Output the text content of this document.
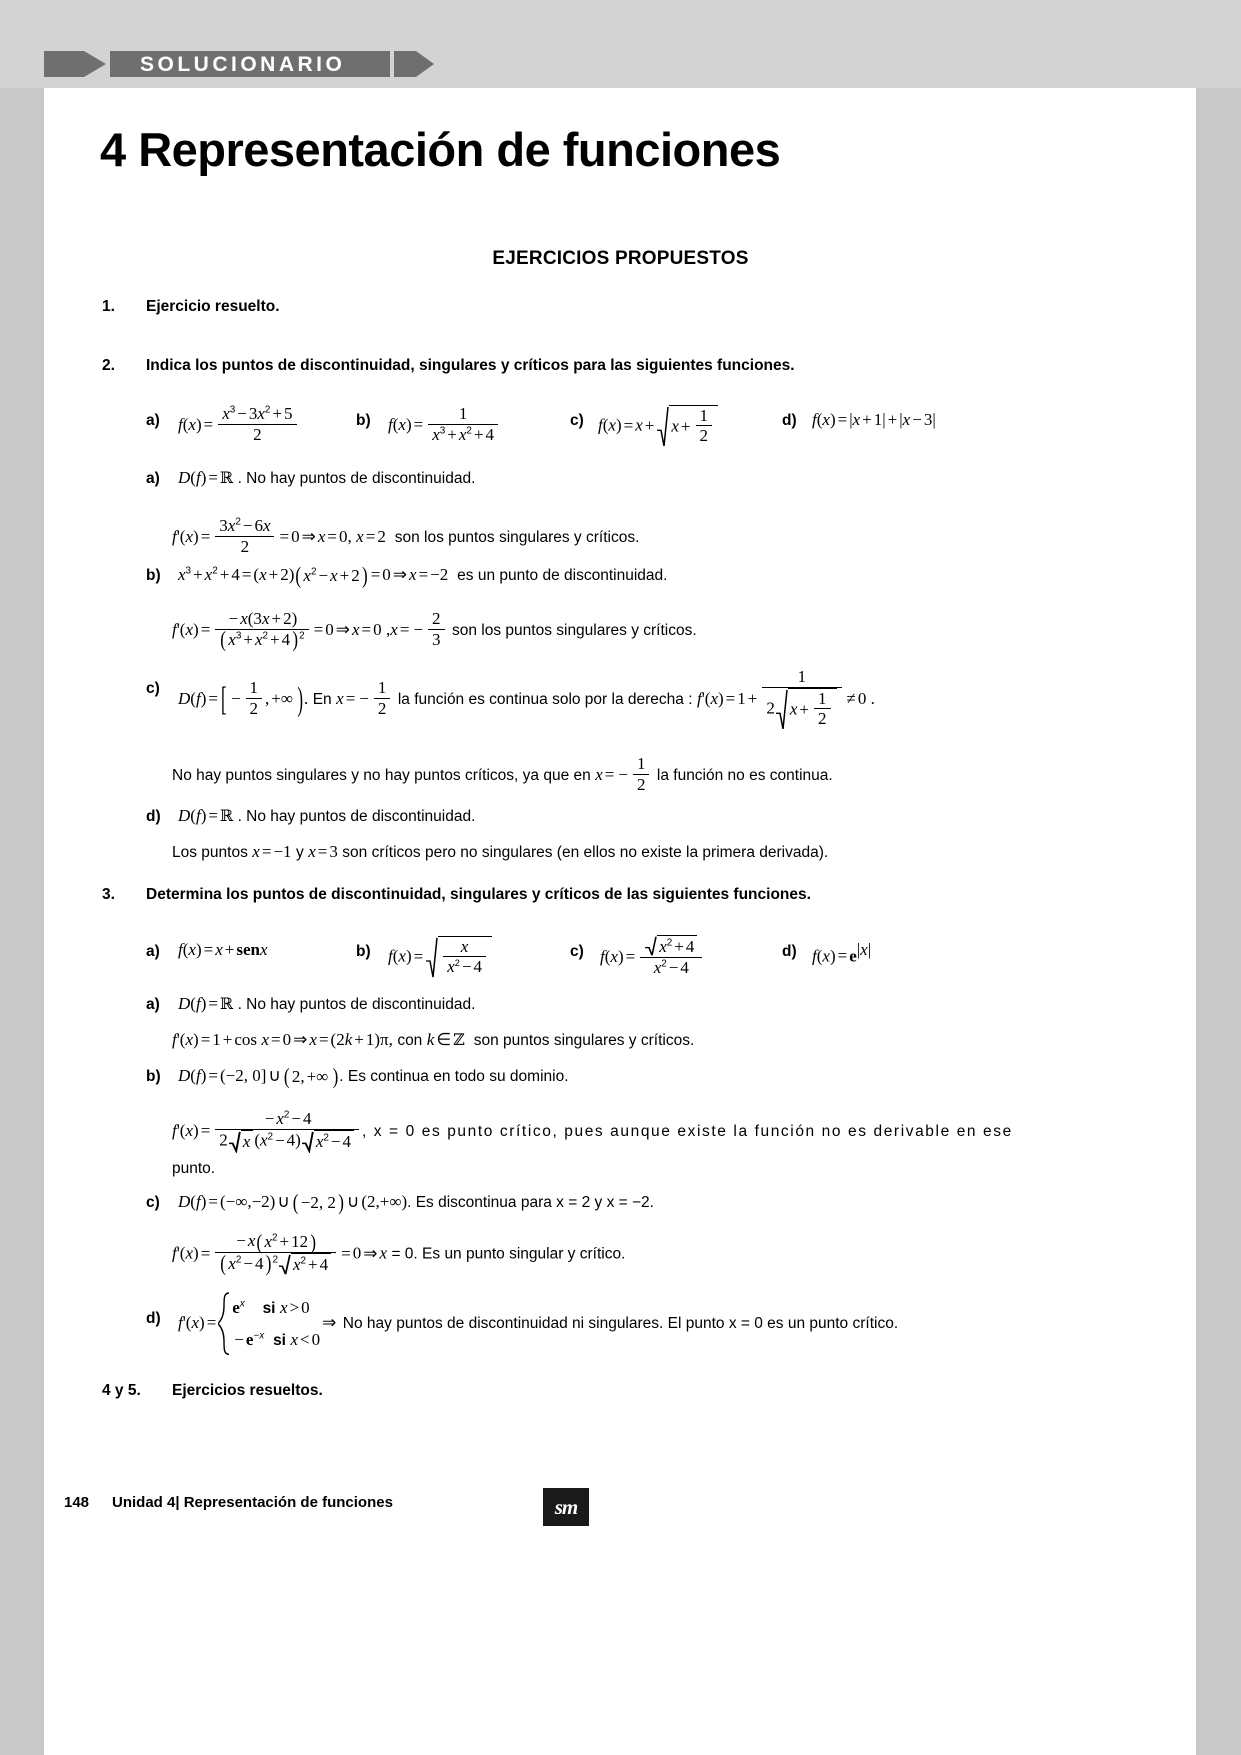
SOLUCIONARIO
4 Representación de funciones
EJERCICIOS PROPUESTOS
1. Ejercicio resuelto.
2. Indica los puntos de discontinuidad, singulares y críticos para las siguientes funciones.
a) $f(x) = \frac{x^3 - 3x^2 + 5}{2}$	b) $f(x) = \frac{1}{x^3 + x^2 + 4}$	c) $f(x) = x + x + \frac{1}{2}$	d) f(x) = |x + 1| + |x − 3|
a) D(f) = ℝ . No hay puntos de discontinuidad.
$f'(x) = \frac{3x^2 - 6x}{2} = 0$ ⇒ x = 0, x = 2 son los puntos singulares y críticos.
b) $x^3 + x^2 + 4 = (x + 2)$ ( $x^2 - x + 2$ ) = 0 ⇒ x = −2 es un punto de discontinuidad.
f'(x) = − x(3x + 2)
( $x^3 + x^2 + 4$ ) $^2$ = 0 ⇒ x = 0 ,x = − $\frac{2}{3}$ son los puntos singulares y críticos.
c)
D(f) = [ − $\frac{1}{2}$ , +∞ ) . En x = − $\frac{1}{2}$ la función es continua solo por la derecha : $f'(x) = 1 + \frac{1}{2 x + \frac{1}{2}} \ne 0$ .
No hay puntos singulares y no hay puntos críticos, ya que en x = − $\frac{1}{2}$ la función no es continua.
d) D(f) = ℝ . No hay puntos de discontinuidad.
Los puntos x = −1 y x = 3 son críticos pero no singulares (en ellos no existe la primera derivada).
3. Determina los puntos de discontinuidad, singulares y críticos de las siguientes funciones.
a) f(x) = x + senx	b) $f(x) = \frac{x}{x^2 - 4}$	c) $f(x) = \frac{x^2 + 4}{x^2 - 4}$	d) $f(x) = e^{|x|}$
a) D(f) = ℝ . No hay puntos de discontinuidad.
f'(x) = 1 + cos x = 0 ⇒ x = (2k + 1)π, con k ∈ ℤ son puntos singulares y críticos.
b) D(f) = (−2, 0] ∪ ( 2, +∞ ) . Es continua en todo su dominio.
$f'(x) = \frac{- x^2 - 4}{2 x (x^2 - 4) x^2 - 4}$ , x = 0 es punto crítico, pues aunque existe la función no es derivable en ese
punto.
c) D(f) = (−∞,−2) ∪ ( −2, 2 ) ∪ (2,+∞). Es discontinua para x = 2 y x = −2.
f'(x) = − x ( $x^2 + 12$ )
( $x^2 - 4$ ) $^2$ $x^2 + 4 = 0$ ⇒ x = 0. Es un punto singular y crítico.
d) f'(x) =
$e^x$ si x > 0
− $e^{-x}$ si x < 0
⇒ No hay puntos de discontinuidad ni singulares. El punto x = 0 es un punto crítico.
4 y 5. Ejercicios resueltos.
148 Unidad 4| Representación de funciones	sm
